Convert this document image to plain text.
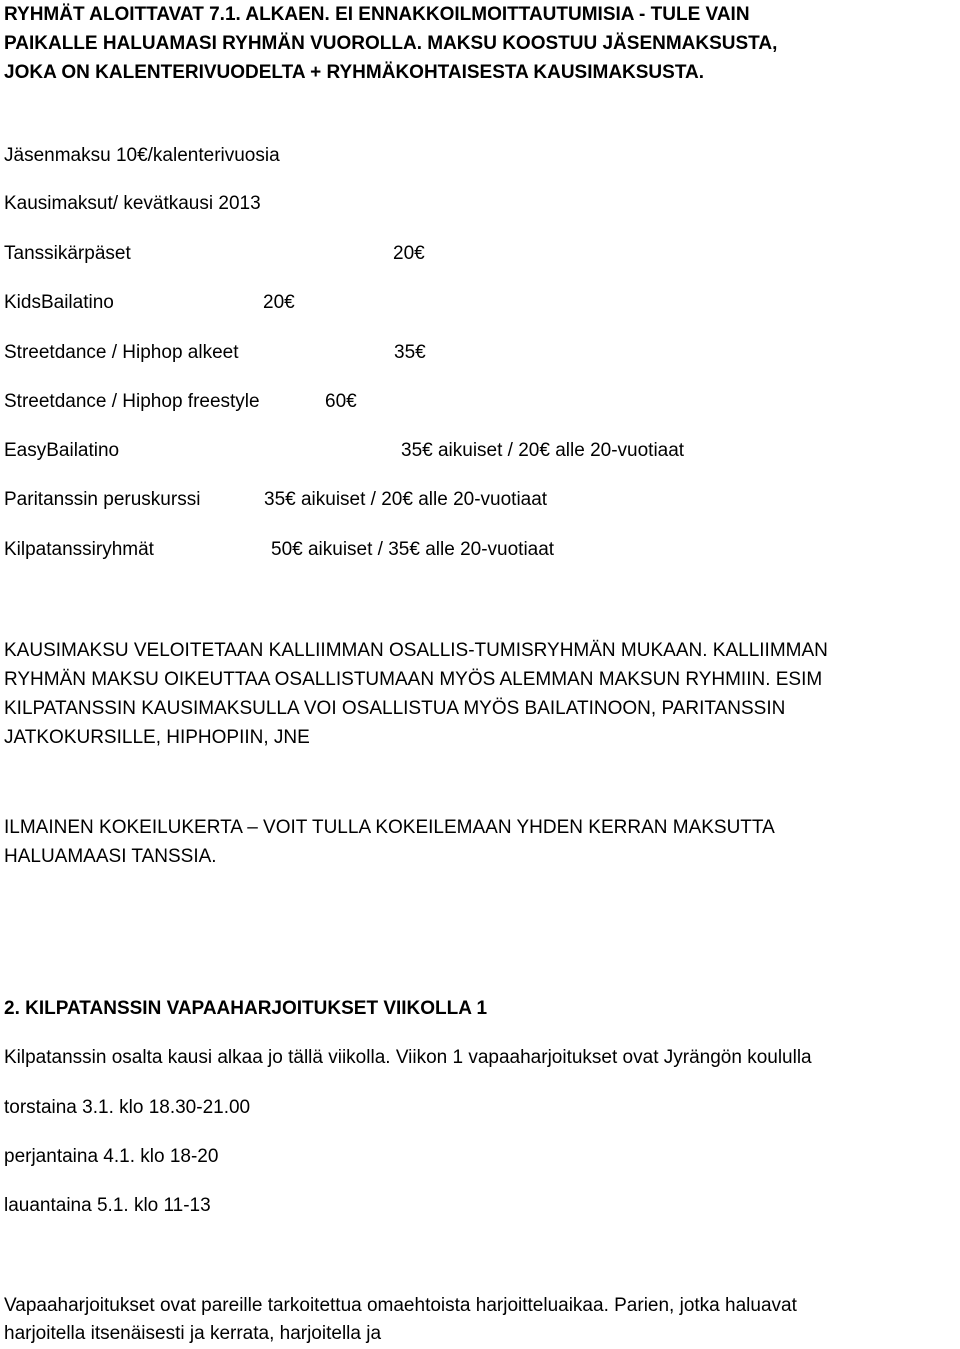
RYHMÄT ALOITTAVAT 7.1. ALKAEN. EI ENNAKKOILMOITTAUTUMISIA - TULE VAIN
PAIKALLE HALUAMASI RYHMÄN VUOROLLA. MAKSU KOOSTUU JÄSENMAKSUSTA,
JOKA ON KALENTERIVUODELTA + RYHMÄKOHTAISESTA KAUSIMAKSUSTA.
Jäsenmaksu 10€/kalenterivuosia
Kausimaksut/ kevätkausi 2013
Tanssikärpäset	20€
KidsBailatino	20€
Streetdance / Hiphop alkeet	35€
Streetdance / Hiphop freestyle	60€
EasyBailatino	35€ aikuiset / 20€ alle 20-vuotiaat
Paritanssin peruskurssi	35€ aikuiset / 20€ alle 20-vuotiaat
Kilpatanssiryhmät	50€ aikuiset / 35€ alle 20-vuotiaat
KAUSIMAKSU VELOITETAAN KALLIIMMAN OSALLIS-TUMISRYHMÄN MUKAAN. KALLIIMMAN
RYHMÄN MAKSU OIKEUTTAA OSALLISTUMAAN MYÖS ALEMMAN MAKSUN RYHMIIN. ESIM
KILPATANSSIN KAUSIMAKSULLA VOI OSALLISTUA MYÖS BAILATINOON, PARITANSSIN
JATKOKURSILLE, HIPHOPIIN, JNE
ILMAINEN KOKEILUKERTA – VOIT TULLA KOKEILEMAAN YHDEN KERRAN MAKSUTTA
HALUAMAASI TANSSIA.
2. KILPATANSSIN VAPAAHARJOITUKSET VIIKOLLA 1
Kilpatanssin osalta kausi alkaa jo tällä viikolla. Viikon 1 vapaaharjoitukset ovat Jyrängön koululla
torstaina 3.1. klo 18.30-21.00
perjantaina 4.1. klo 18-20
lauantaina 5.1. klo 11-13
Vapaaharjoitukset ovat pareille tarkoitettua omaehtoista harjoitteluaikaa. Parien, jotka haluavat
harjoitella itsenäisesti ja kerrata, harjoitella ja
